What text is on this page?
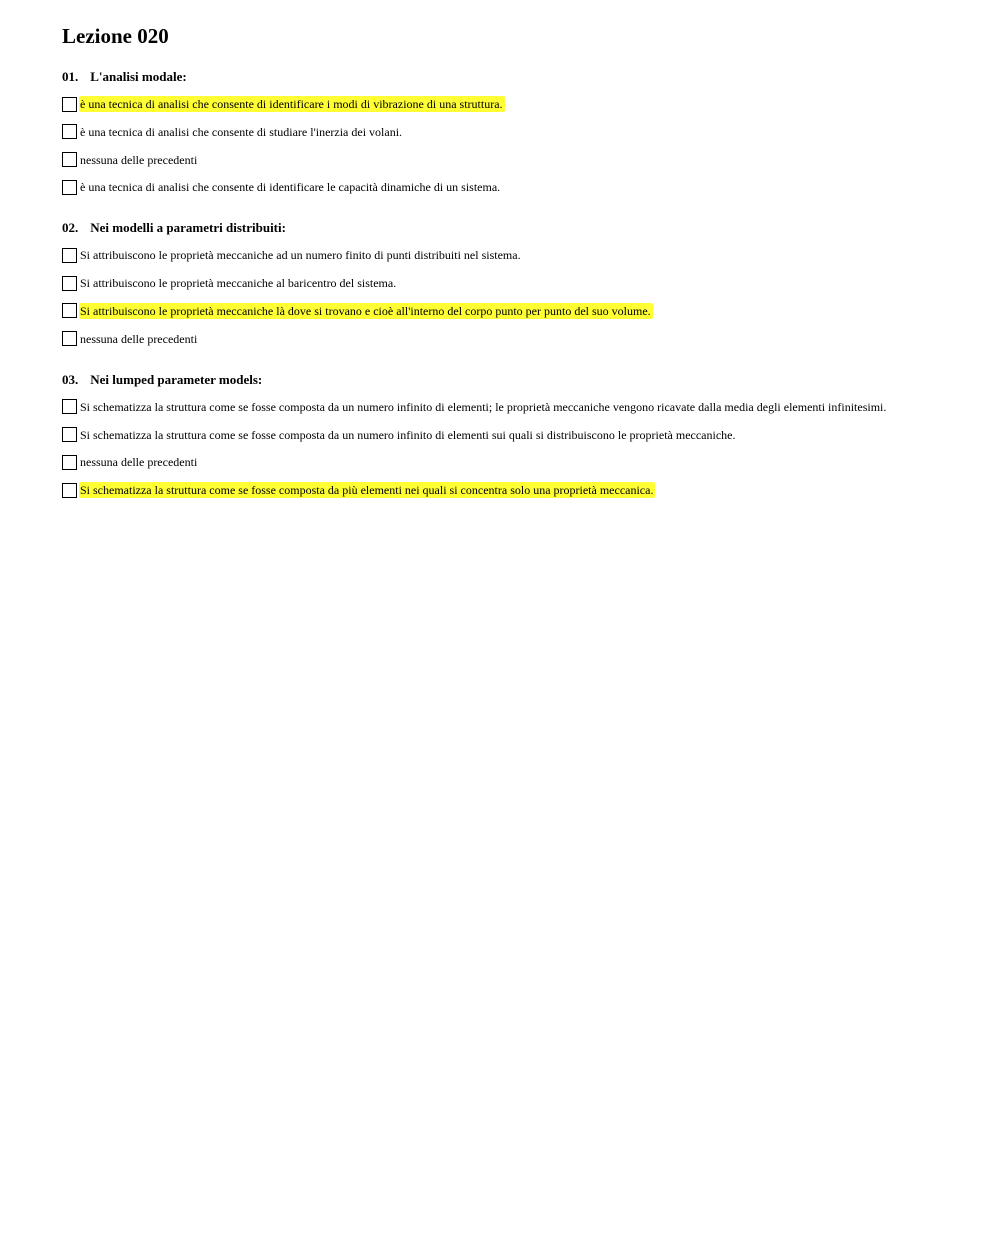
Lezione 020
01. L'analisi modale:
è una tecnica di analisi che consente di identificare i modi di vibrazione di una struttura.
è una tecnica di analisi che consente di studiare l'inerzia dei volani.
nessuna delle precedenti
è una tecnica di analisi che consente di identificare le capacità dinamiche di un sistema.
02. Nei modelli a parametri distribuiti:
Si attribuiscono le proprietà meccaniche ad un numero finito di punti distribuiti nel sistema.
Si attribuiscono le proprietà meccaniche al baricentro del sistema.
Si attribuiscono le proprietà meccaniche là dove si trovano e cioè all'interno del corpo punto per punto del suo volume.
nessuna delle precedenti
03. Nei lumped parameter models:
Si schematizza la struttura come se fosse composta da un numero infinito di elementi; le proprietà meccaniche vengono ricavate dalla media degli elementi infinitesimi.
Si schematizza la struttura come se fosse composta da un numero infinito di elementi sui quali si distribuiscono le proprietà meccaniche.
nessuna delle precedenti
Si schematizza la struttura come se fosse composta da più elementi nei quali si concentra solo una proprietà meccanica.
